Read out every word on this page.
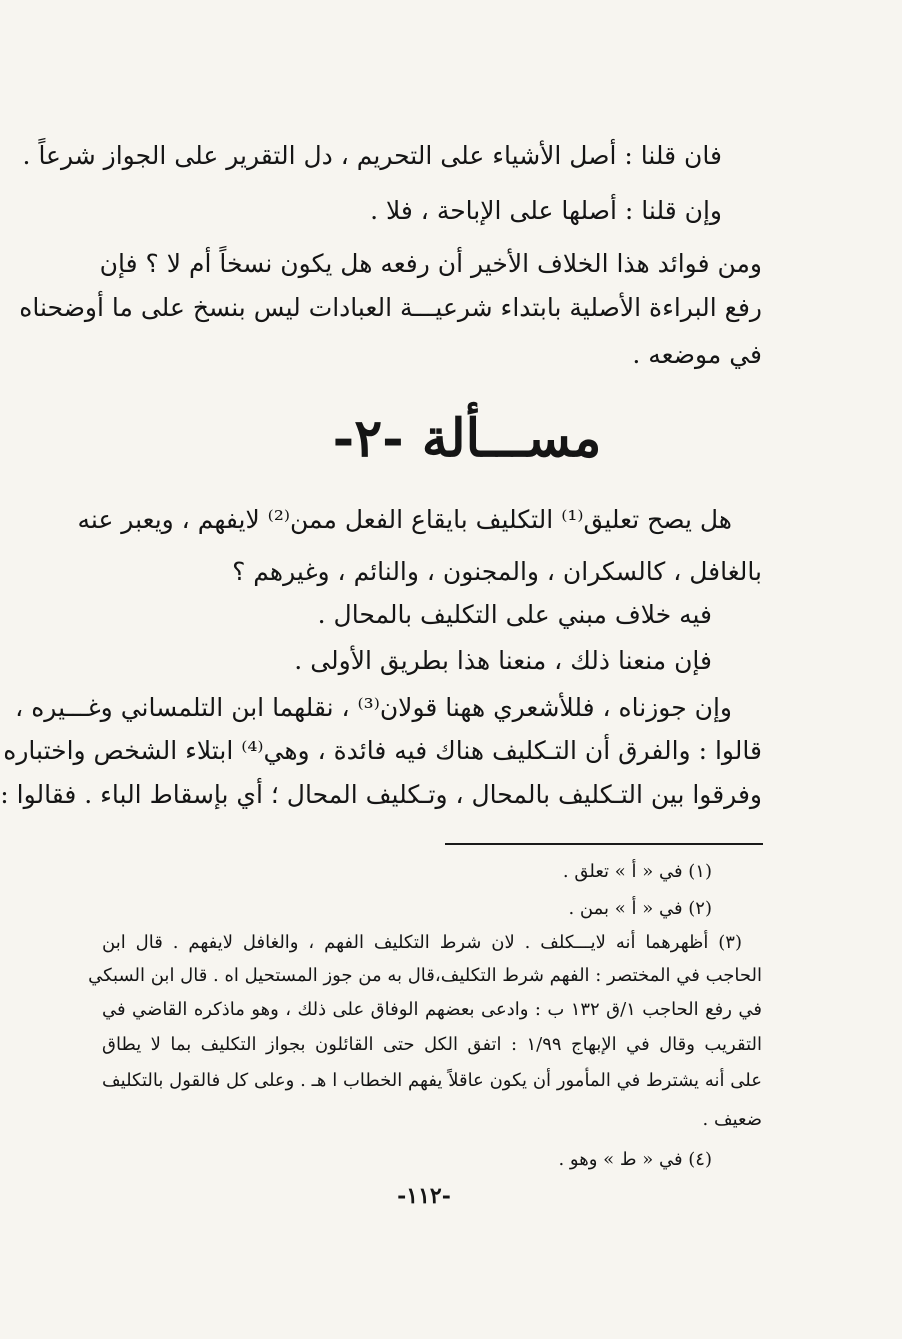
فان قلنا : أصل الأشياء على التحريم ، دل التقرير على الجواز شرعاً .
وإن قلنا : أصلها على الإباحة ، فلا .
ومن فوائد هذا الخلاف الأخير أن رفعه هل يكون نسخاً أم لا ؟ فإن
رفع البراءة الأصلية بابتداء شرعيـــة العبادات ليس بنسخ على ما أوضحناه
في موضعه .
مســـألة -٢-
هل يصح تعليق⁽¹⁾ التكليف بايقاع الفعل ممن⁽²⁾ لايفهم ، ويعبر عنه
بالغافل ، كالسكران ، والمجنون ، والنائم ، وغيرهم ؟
فيه خلاف مبني على التكليف بالمحال .
فإن منعنا ذلك ، منعنا هذا بطريق الأولى .
وإن جوزناه ، فللأشعري ههنا قولان⁽³⁾ ، نقلهما ابن التلمساني وغـــيره ،
قالوا : والفرق أن التـكليف هناك فيه فائدة ، وهي⁽⁴⁾ ابتلاء الشخص واختباره
وفرقوا بين التـكليف بالمحال ، وتـكليف المحال ؛ أي بإسقاط الباء . فقالوا :
(١) في « أ » تعلق .
(٢) في « أ » بمن .
(٣) أظهرهما أنه لايـــكلف . لان شرط التكليف الفهم ، والغافل لايفهم . قال ابن
الحاجب في المختصر : الفهم شرط التكليف،قال به من جوز المستحيل اه . قال ابن السبكي
في رفع الحاجب ١/ق ١٣٢ ب : وادعى بعضهم الوفاق على ذلك ، وهو ماذكره القاضي في
التقريب وقال في الإبهاج ١/٩٩ : اتفق الكل حتى القائلون بجواز التكليف بما لا يطاق
على أنه يشترط في المأمور أن يكون عاقلاً يفهم الخطاب ا هـ . وعلى كل فالقول بالتكليف
ضعيف .
(٤) في « ط » وهو .
-١١٢-
